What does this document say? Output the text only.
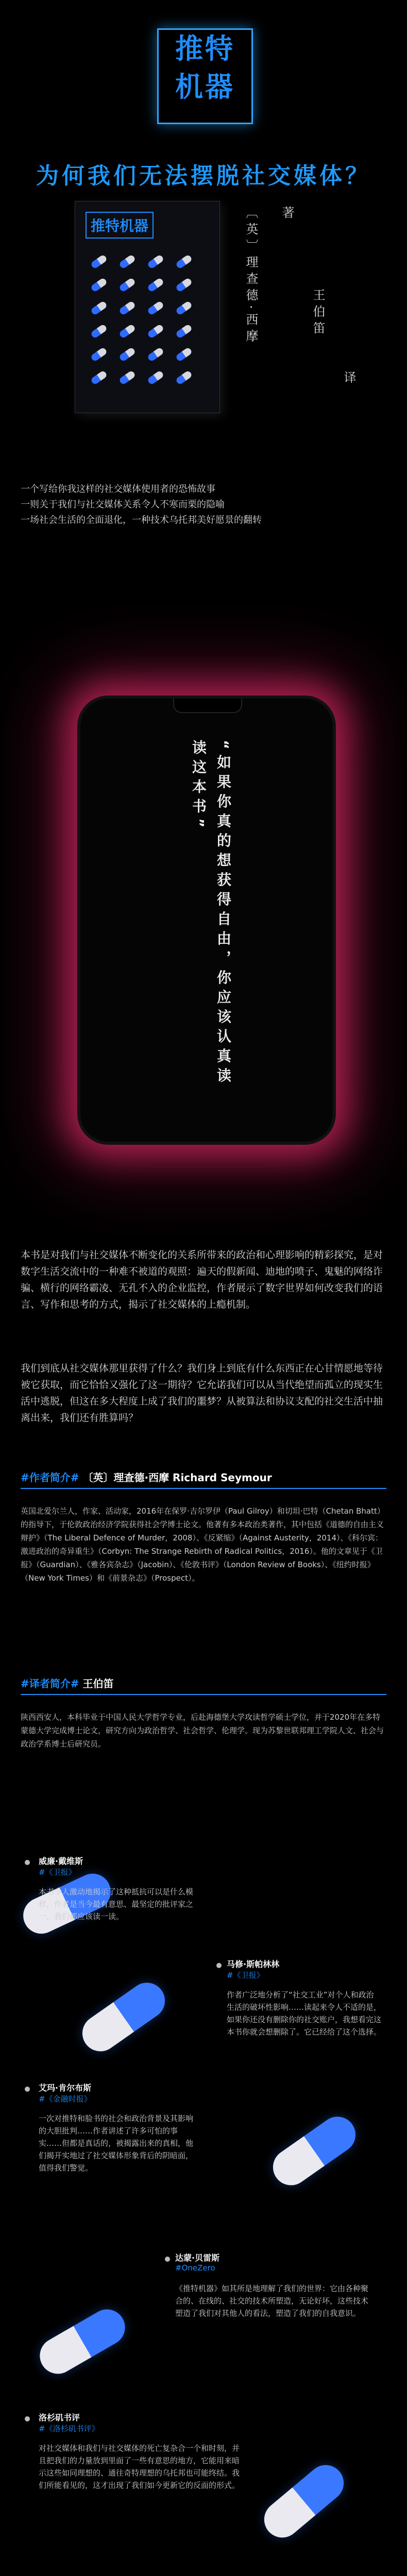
推特
机器
为何我们无法摆脱社交媒体？
推特机器	〔英〕理查德·西摩 著
王伯笛
译
一个写给你我这样的社交媒体使用者的恐怖故事
一则关于我们与社交媒体关系令人不寒而栗的隐喻
一场社会生活的全面退化，一种技术乌托邦美好愿景的翻转
“如果你真的想获得自由，你应该认真读读这本书”
本书是对我们与社交媒体不断变化的关系所带来的政治和心理影响的精彩探究，是对数字生活交流中的一种难不被道的观照：遍天的假新闻、迪地的喷子、鬼魅的网络诈骗、横行的网络霸凌、无孔不入的企业监控，作者展示了数字世界如何改变我们的语言、写作和思考的方式，揭示了社交媒体的上瘾机制。
我们到底从社交媒体那里获得了什么？我们身上到底有什么东西正在心甘情愿地等待被它获取，而它恰恰又强化了这一期待？它允诺我们可以从当代绝望而孤立的现实生活中逃脱，但这在多大程度上成了我们的噩梦？从被算法和协议支配的社交生活中抽离出来，我们还有胜算吗？
#作者简介# 〔英〕理查德·西摩 Richard Seymour
英国北爱尔兰人，作家、活动家，2016年在保罗·吉尔罗伊（Paul Gilroy）和切坦·巴特（Chetan Bhatt）的指导下，于伦敦政治经济学院获得社会学博士论文。他著有多本政治类著作，其中包括《道德的自由主义辩护》（The Liberal Defence of Murder，2008）、《反紧缩》（Against Austerity，2014）、《科尔宾：激进政治的奇异重生》（Corbyn: The Strange Rebirth of Radical Politics，2016）。他的文章见于《卫报》（Guardian）、《雅各宾杂志》（Jacobin）、《伦敦书评》（London Review of Books）、《纽约时报》（New York Times）和《前景杂志》（Prospect）。
#译者简介# 王伯笛
陕西西安人，本科毕业于中国人民大学哲学专业，后赴海德堡大学攻读哲学硕士学位，并于2020年在多特蒙德大学完成博士论文，研究方向为政治哲学、社会哲学、伦理学。现为苏黎世联邦理工学院人文、社会与政治学系博士后研究员。
威廉·戴维斯
#《卫报》
本书令人激动地揭示了这种抵抗可以是什么模样，作者是当今最有意思、最坚定的批评家之一，我们都应该读一读。
马修·斯帕林林
#《卫报》
作者广泛地分析了“社交工业”对个人和政治生活的破坏性影响……读起来令人不适的是，如果你还没有删除你的社交账户，我想看完这本书你就会想删除了。它已经给了这个选择。
艾玛·肯尔布斯
#《金融时报》
一次对推特和脸书的社会和政治背景及其影响的大胆批判……作者讲述了许多可怕的事实……但都是真话的，被揭露出来的真相，他们揭开实地过了社交媒体形象背后的阴暗面，值得我们警觉。
达蒙·贝雷斯
#OneZero
《推特机器》如其所是地理解了我们的世界：它由各种聚合的、在线的、社交的技术所塑造，无论好坏，这些技术塑造了我们对其他人的看法，塑造了我们的自我意识。
洛杉矶书评
#《洛杉矶书评》
对社交媒体和我们与社交媒体的死亡复杂合一个和时刻，并且把我们的力量放到里面了一些有意思的地方，它能用来暗示这些如同理想的、通往奇特理想的乌托邦也可能终结。我们所能看见的，这才出现了我们如今更新它的反面的形式。
